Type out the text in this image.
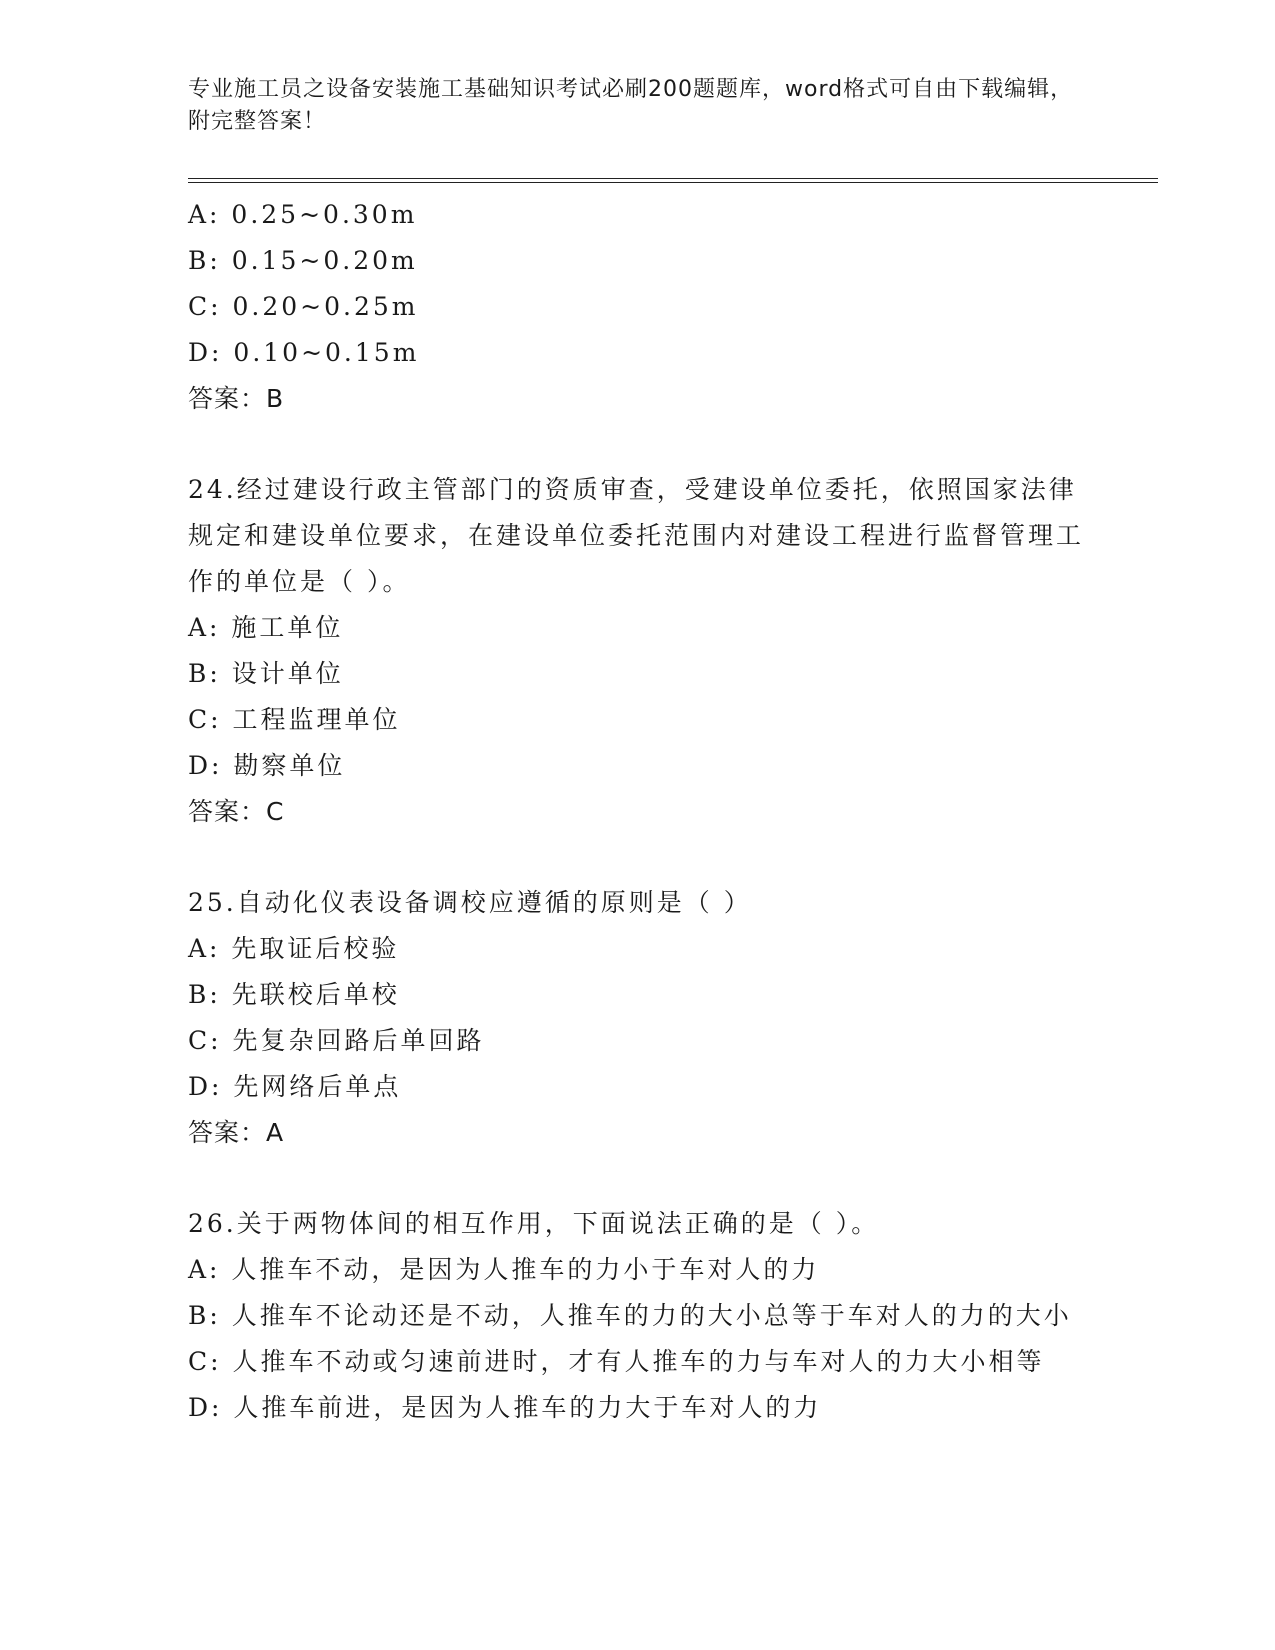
专业施工员之设备安装施工基础知识考试必刷200题题库，word格式可自由下载编辑，附完整答案！
A: 0.25~0.30m
B: 0.15~0.20m
C: 0.20~0.25m
D: 0.10~0.15m
答案：B
24.经过建设行政主管部门的资质审查，受建设单位委托，依照国家法律规定和建设单位要求，在建设单位委托范围内对建设工程进行监督管理工作的单位是（ ）。
A: 施工单位
B: 设计单位
C: 工程监理单位
D: 勘察单位
答案：C
25.自动化仪表设备调校应遵循的原则是（ ）
A: 先取证后校验
B: 先联校后单校
C: 先复杂回路后单回路
D: 先网络后单点
答案：A
26.关于两物体间的相互作用，下面说法正确的是（ ）。
A: 人推车不动，是因为人推车的力小于车对人的力
B: 人推车不论动还是不动，人推车的力的大小总等于车对人的力的大小
C: 人推车不动或匀速前进时，才有人推车的力与车对人的力大小相等
D: 人推车前进，是因为人推车的力大于车对人的力
